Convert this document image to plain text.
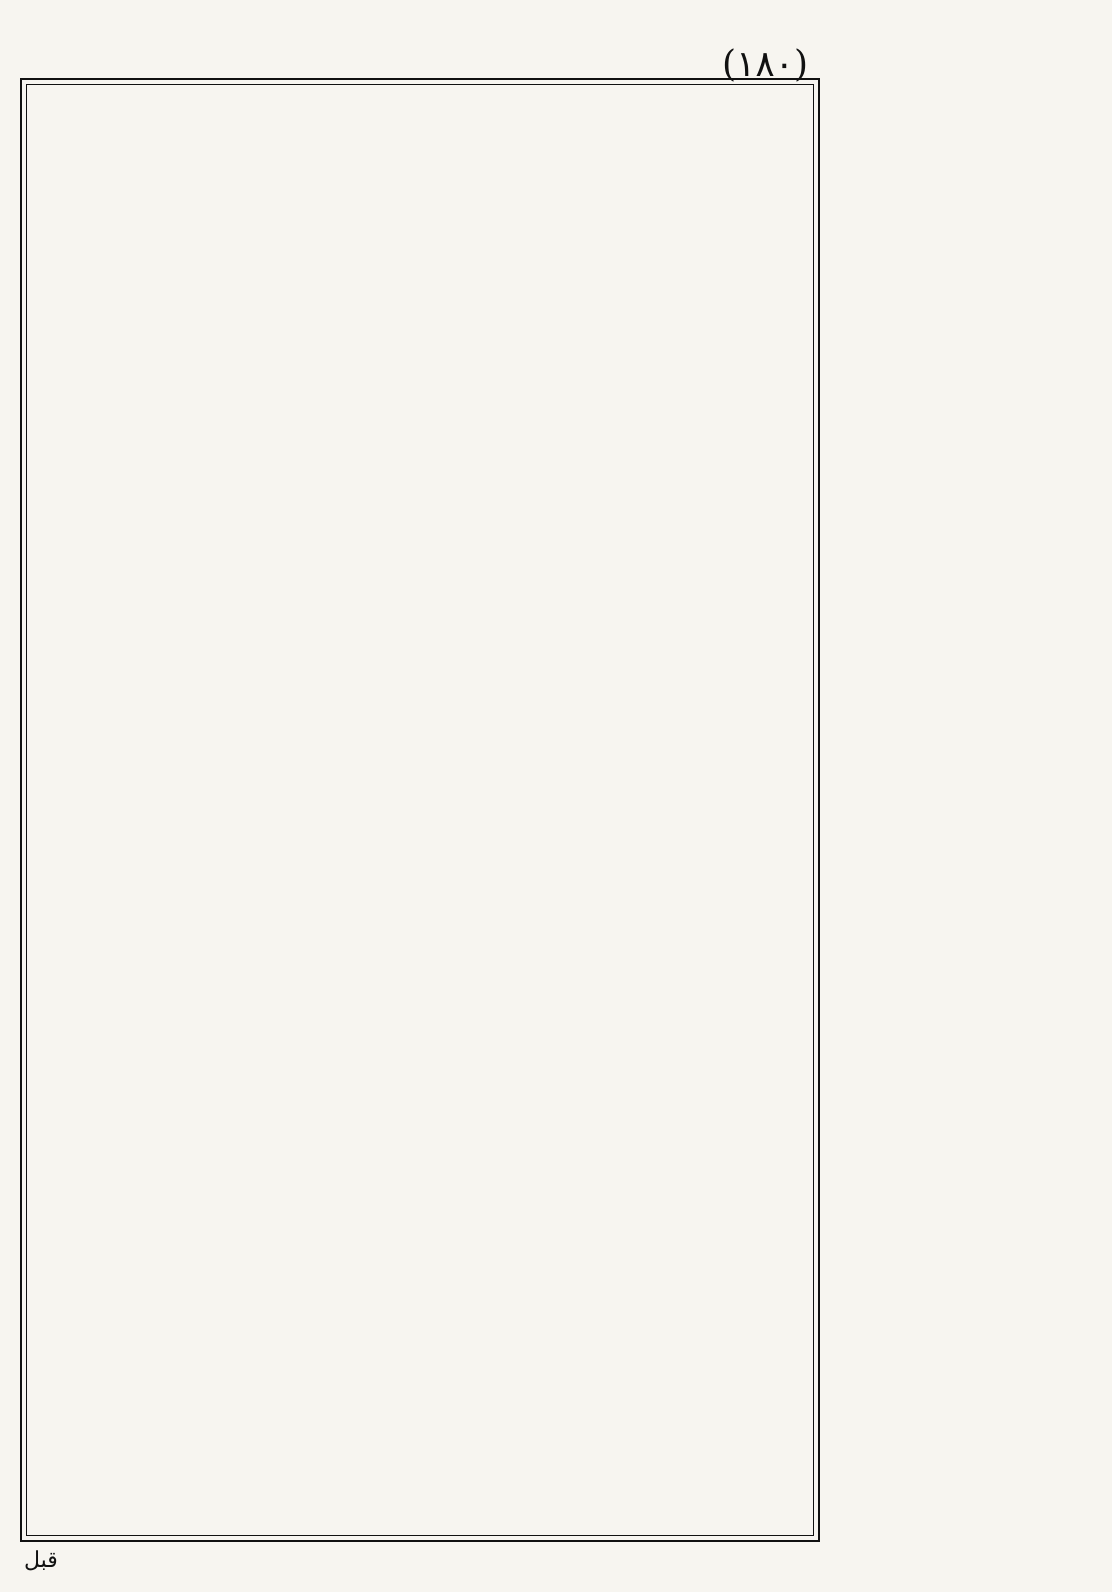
(١٨٠)

قبل
